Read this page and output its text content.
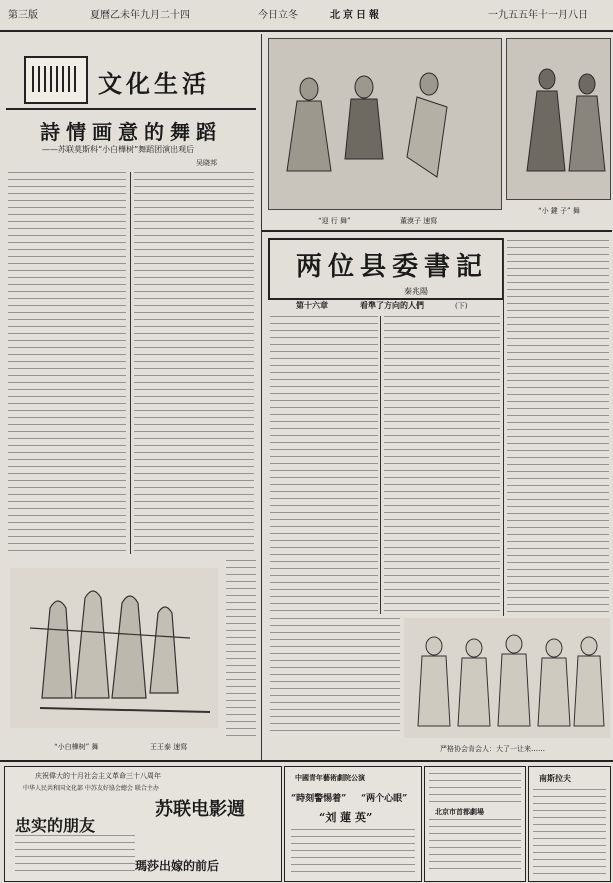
第三版	夏曆乙未年九月二十四	今日立冬	北京日報	一九五五年十一月八日
文化生活
詩情画意的舞蹈
——苏联莫斯科“小白樺树”舞蹈团演出观后
吴晓邦
“小白樺树” 舞	王王泰 速寫
“迎 行 舞”	董漠子 速寫
“小 鍵 子” 舞
两位县委書記
秦兆陽
第十六章	看準了方向的人們	(下)
严格协会肯会人：大了一让来……
庆祝偉大的十月社会主义革命三十八周年
中华人民共和国文化部 中苏友好協会總会 联合主办
苏联电影週
忠实的朋友
瑪莎出嫁的前后
中國青年藝術劇院公演
“時刻警惕着” “两个心眼”
“刘 蓮 英”	北京市首都劇場
南斯拉夫
